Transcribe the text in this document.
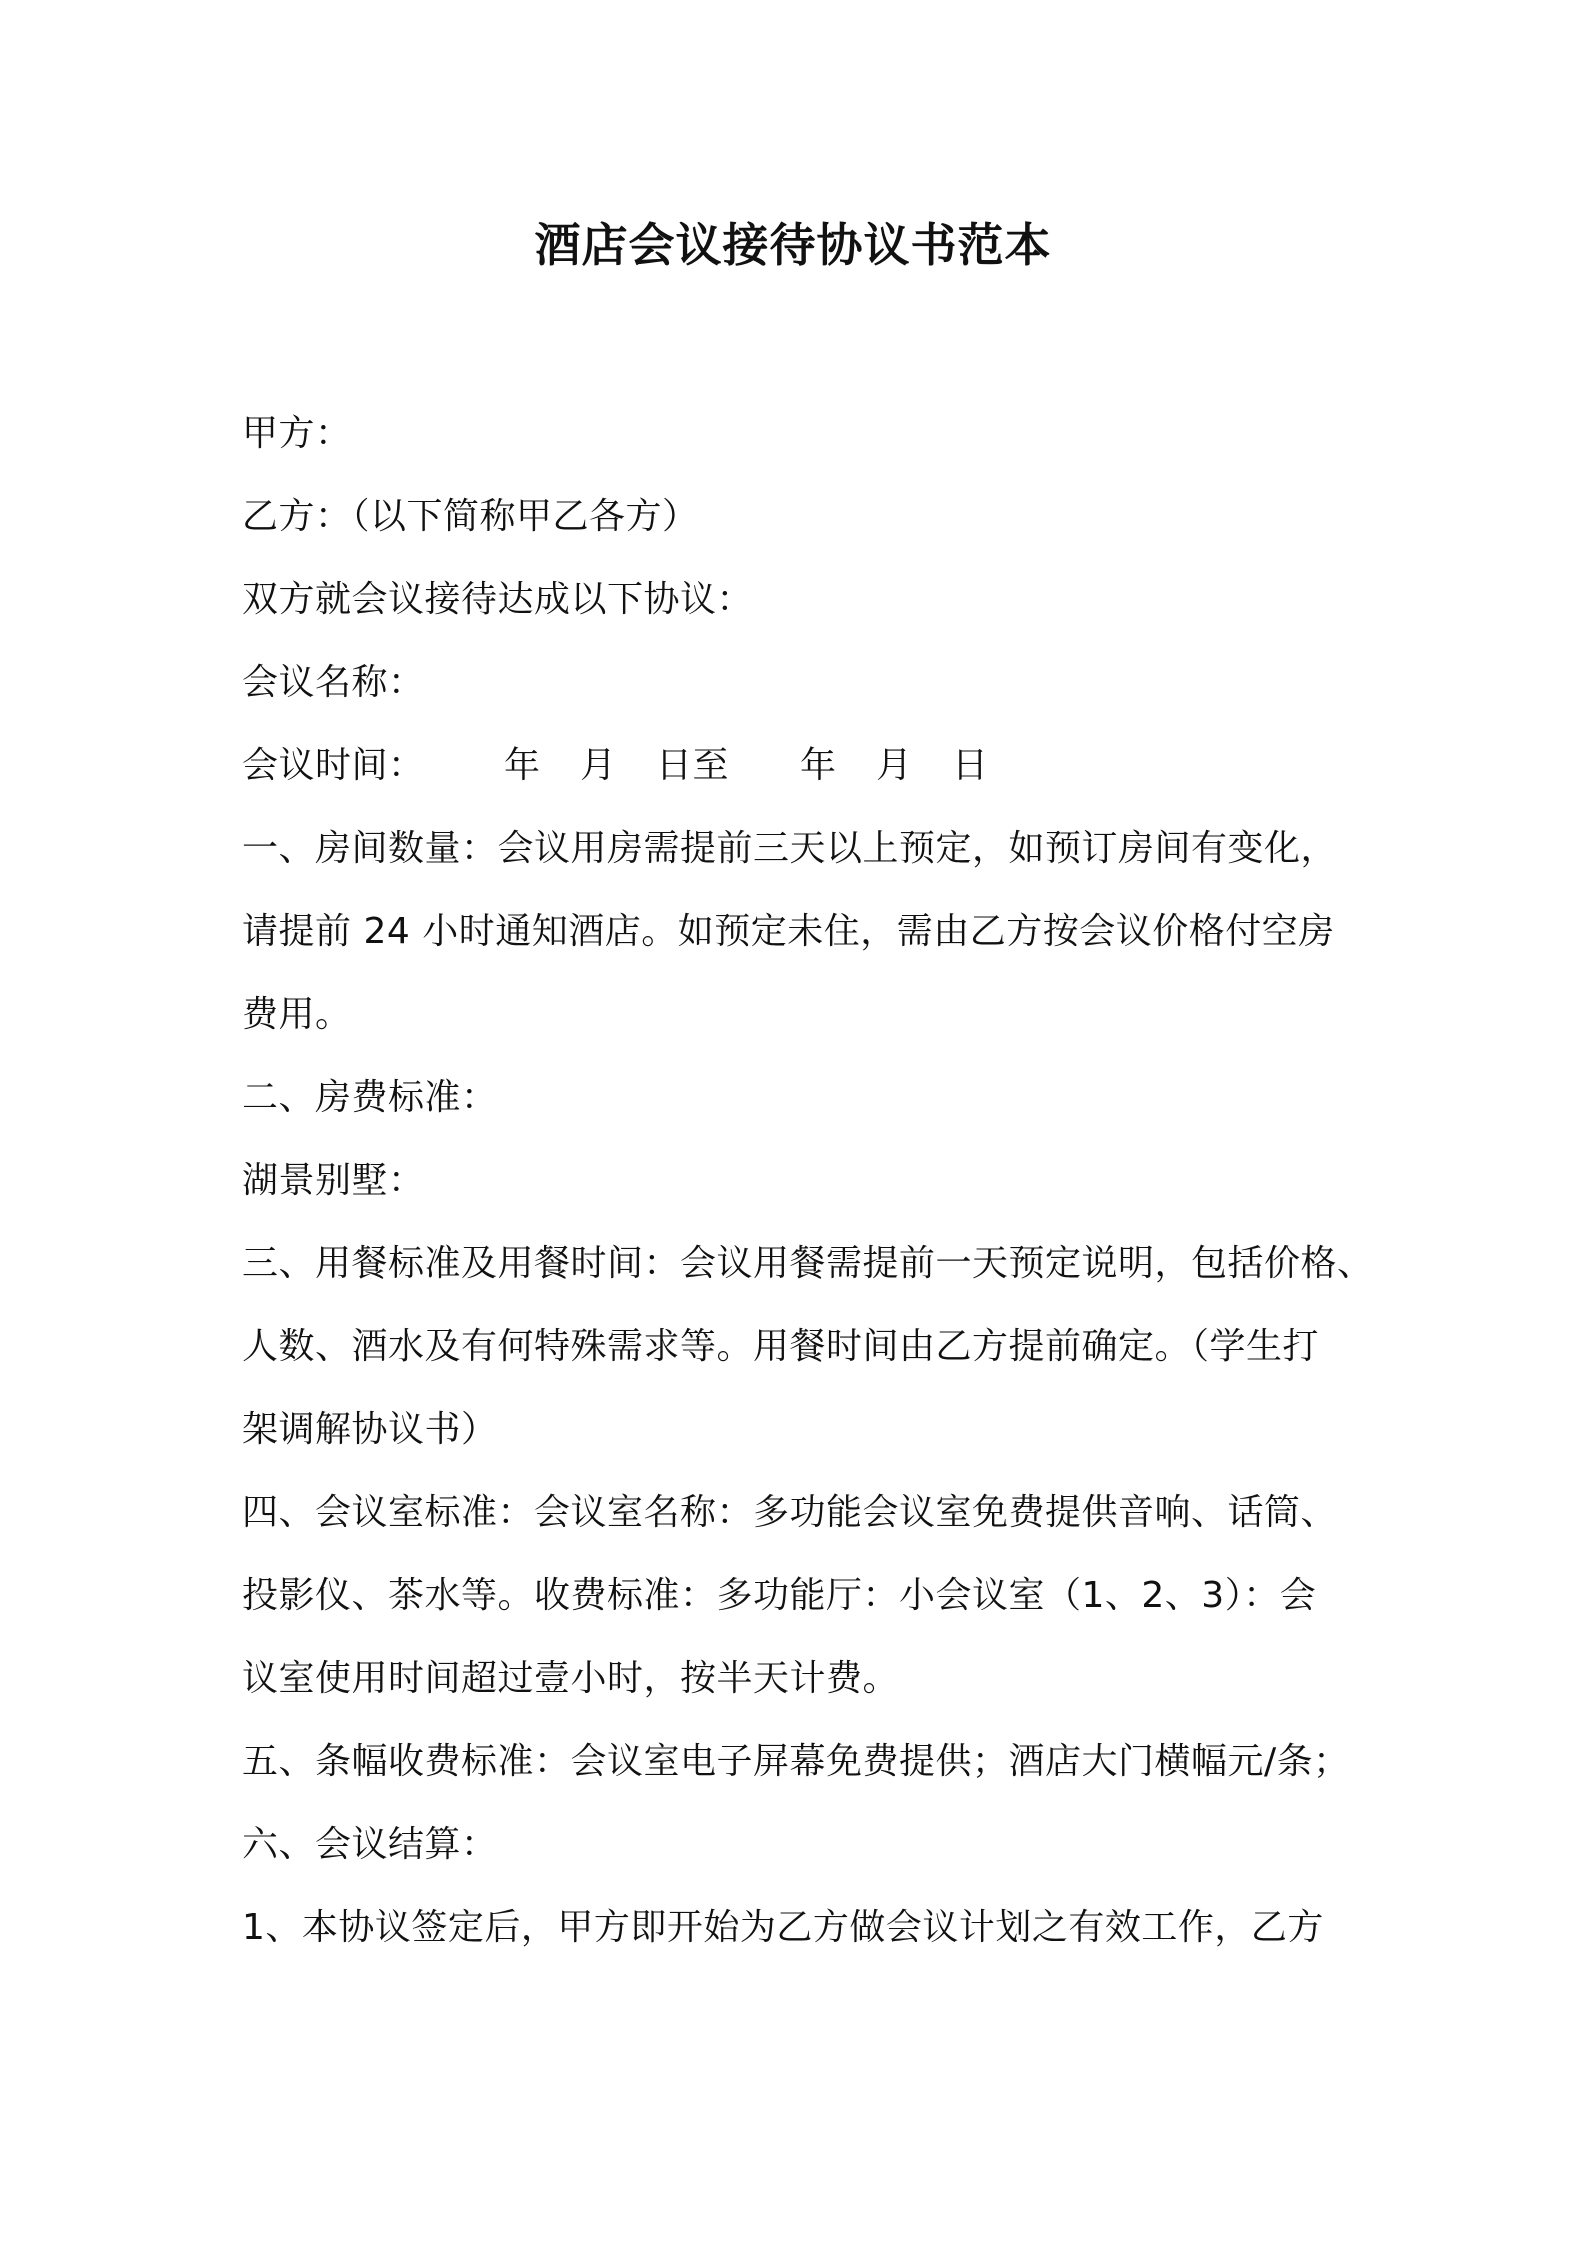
酒店会议接待协议书范本
甲方：
乙方：（以下简称甲乙各方）
双方就会议接待达成以下协议：
会议名称：
会议时间：	年	月	日至	年	月	日
一、房间数量：会议用房需提前三天以上预定，如预订房间有变化，
请提前 24 小时通知酒店。如预定未住，需由乙方按会议价格付空房
费用。
二、房费标准：
湖景别墅：
三、用餐标准及用餐时间：会议用餐需提前一天预定说明，包括价格、
人数、酒水及有何特殊需求等。用餐时间由乙方提前确定。（学生打
架调解协议书）
四、会议室标准：会议室名称：多功能会议室免费提供音响、话筒、
投影仪、茶水等。收费标准：多功能厅：小会议室（1、2、3）：会
议室使用时间超过壹小时，按半天计费。
五、条幅收费标准：会议室电子屏幕免费提供；酒店大门横幅元/条；
六、会议结算：
1、本协议签定后，甲方即开始为乙方做会议计划之有效工作，乙方
